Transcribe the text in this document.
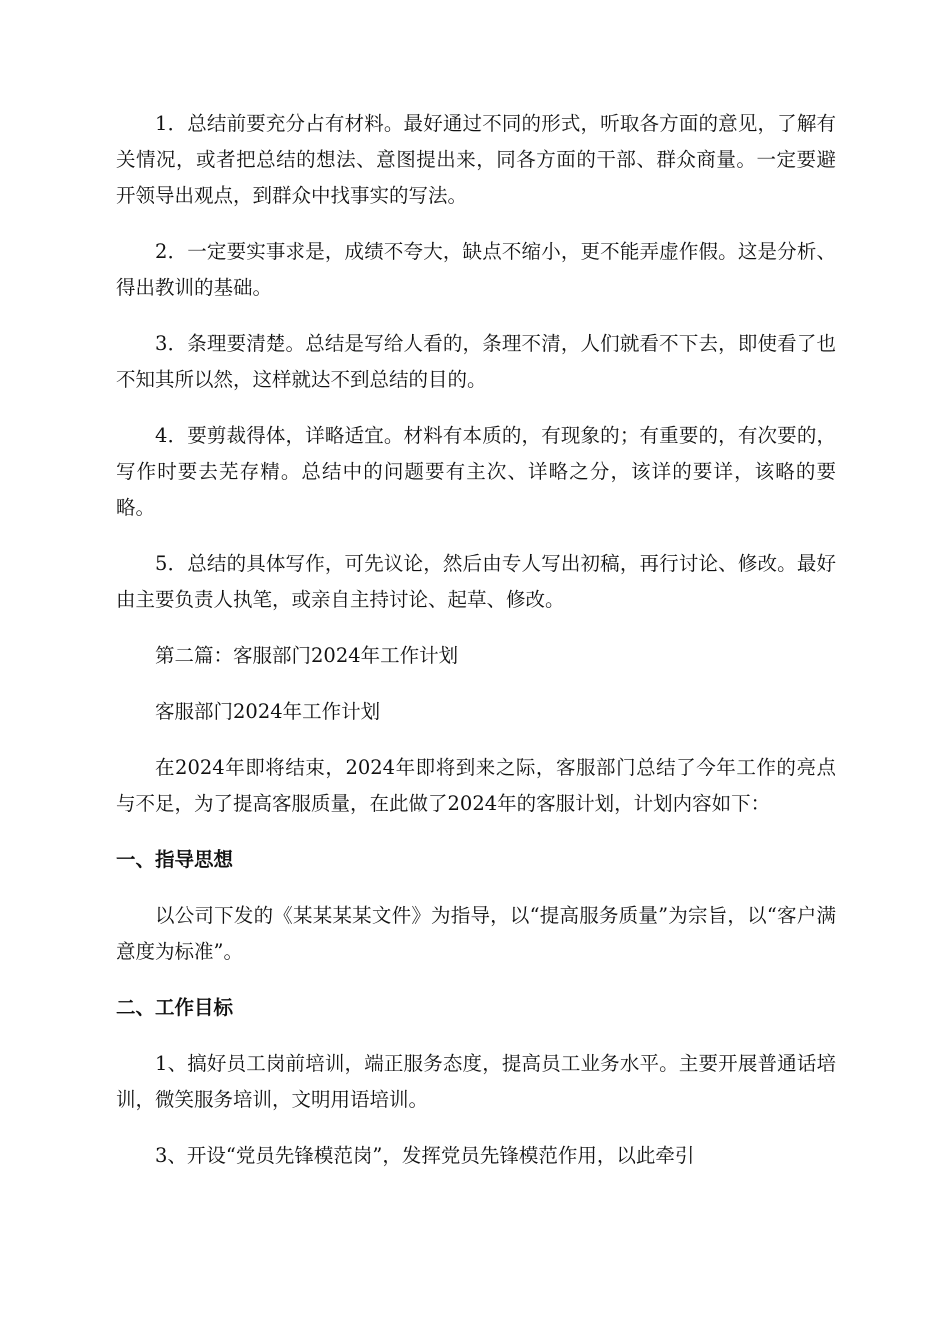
1．总结前要充分占有材料。最好通过不同的形式，听取各方面的意见，了解有关情况，或者把总结的想法、意图提出来，同各方面的干部、群众商量。一定要避开领导出观点，到群众中找事实的写法。

2．一定要实事求是，成绩不夸大，缺点不缩小，更不能弄虚作假。这是分析、得出教训的基础。

3．条理要清楚。总结是写给人看的，条理不清，人们就看不下去，即使看了也不知其所以然，这样就达不到总结的目的。

4．要剪裁得体，详略适宜。材料有本质的，有现象的；有重要的，有次要的，写作时要去芜存精。总结中的问题要有主次、详略之分，该详的要详，该略的要略。

5．总结的具体写作，可先议论，然后由专人写出初稿，再行讨论、修改。最好由主要负责人执笔，或亲自主持讨论、起草、修改。

第二篇：客服部门2024年工作计划

客服部门2024年工作计划

在2024年即将结束，2024年即将到来之际，客服部门总结了今年工作的亮点与不足，为了提高客服质量，在此做了2024年的客服计划，计划内容如下：

一、指导思想

以公司下发的《某某某某文件》为指导，以“提高服务质量”为宗旨，以“客户满意度为标准”。

二、工作目标

1、搞好员工岗前培训，端正服务态度，提高员工业务水平。主要开展普通话培训，微笑服务培训，文明用语培训。

3、开设“党员先锋模范岗”，发挥党员先锋模范作用，以此牵引
